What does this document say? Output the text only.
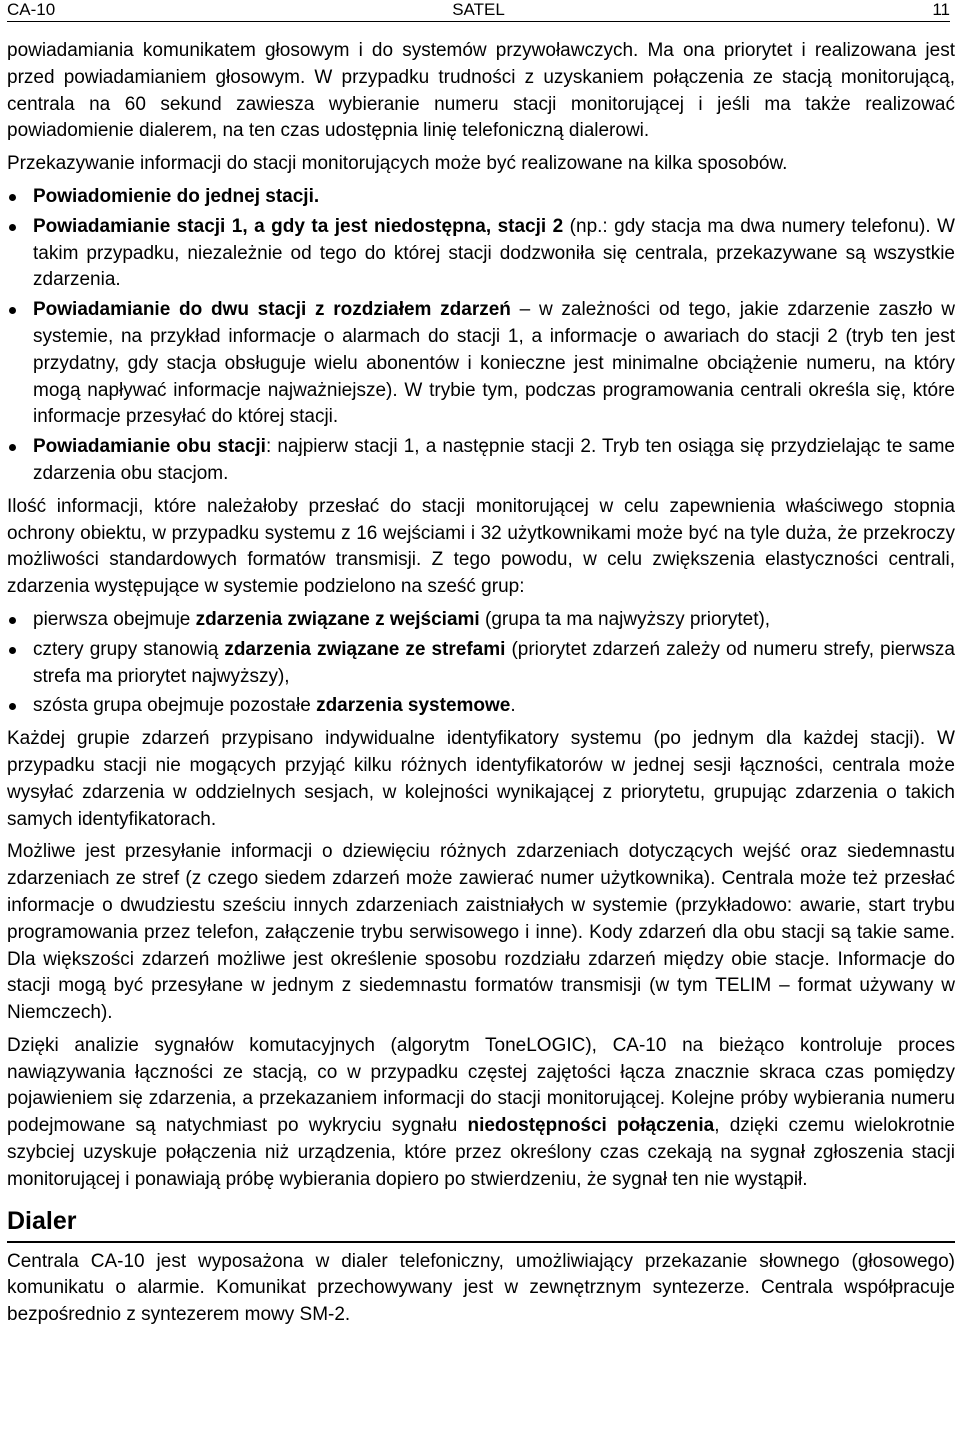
CA-10	SATEL	11

powiadamiania komunikatem głosowym i do systemów przywoławczych. Ma ona priorytet i realizowana jest przed powiadamianiem głosowym. W przypadku trudności z uzyskaniem połączenia ze stacją monitorującą, centrala na 60 sekund zawiesza wybieranie numeru stacji monitorującej i jeśli ma także realizować powiadomienie dialerem, na ten czas udostępnia linię telefoniczną dialerowi.

Przekazywanie informacji do stacji monitorujących może być realizowane na kilka sposobów.

Powiadomienie do jednej stacji.
Powiadamianie stacji 1, a gdy ta jest niedostępna, stacji 2 (np.: gdy stacja ma dwa numery telefonu). W takim przypadku, niezależnie od tego do której stacji dodzwoniła się centrala, przekazywane są wszystkie zdarzenia.
Powiadamianie do dwu stacji z rozdziałem zdarzeń – w zależności od tego, jakie zdarzenie zaszło w systemie, na przykład informacje o alarmach do stacji 1, a informacje o awariach do stacji 2 (tryb ten jest przydatny, gdy stacja obsługuje wielu abonentów i konieczne jest minimalne obciążenie numeru, na który mogą napływać informacje najważniejsze). W trybie tym, podczas programowania centrali określa się, które informacje przesyłać do której stacji.
Powiadamianie obu stacji: najpierw stacji 1, a następnie stacji 2. Tryb ten osiąga się przydzielając te same zdarzenia obu stacjom.

Ilość informacji, które należałoby przesłać do stacji monitorującej w celu zapewnienia właściwego stopnia ochrony obiektu, w przypadku systemu z 16 wejściami i 32 użytkownikami może być na tyle duża, że przekroczy możliwości standardowych formatów transmisji. Z tego powodu, w celu zwiększenia elastyczności centrali, zdarzenia występujące w systemie podzielono na sześć grup:

pierwsza obejmuje zdarzenia związane z wejściami (grupa ta ma najwyższy priorytet),
cztery grupy stanowią zdarzenia związane ze strefami (priorytet zdarzeń zależy od numeru strefy, pierwsza strefa ma priorytet najwyższy),
szósta grupa obejmuje pozostałe zdarzenia systemowe.

Każdej grupie zdarzeń przypisano indywidualne identyfikatory systemu (po jednym dla każdej stacji). W przypadku stacji nie mogących przyjąć kilku różnych identyfikatorów w jednej sesji łączności, centrala może wysyłać zdarzenia w oddzielnych sesjach, w kolejności wynikającej z priorytetu, grupując zdarzenia o takich samych identyfikatorach.

Możliwe jest przesyłanie informacji o dziewięciu różnych zdarzeniach dotyczących wejść oraz siedemnastu zdarzeniach ze stref (z czego siedem zdarzeń może zawierać numer użytkownika). Centrala może też przesłać informacje o dwudziestu sześciu innych zdarzeniach zaistniałych w systemie (przykładowo: awarie, start trybu programowania przez telefon, załączenie trybu serwisowego i inne). Kody zdarzeń dla obu stacji są takie same. Dla większości zdarzeń możliwe jest określenie sposobu rozdziału zdarzeń między obie stacje. Informacje do stacji mogą być przesyłane w jednym z siedemnastu formatów transmisji (w tym TELIM – format używany w Niemczech).

Dzięki analizie sygnałów komutacyjnych (algorytm ToneLOGIC), CA-10 na bieżąco kontroluje proces nawiązywania łączności ze stacją, co w przypadku częstej zajętości łącza znacznie skraca czas pomiędzy pojawieniem się zdarzenia, a przekazaniem informacji do stacji monitorującej. Kolejne próby wybierania numeru podejmowane są natychmiast po wykryciu sygnału niedostępności połączenia, dzięki czemu wielokrotnie szybciej uzyskuje połączenia niż urządzenia, które przez określony czas czekają na sygnał zgłoszenia stacji monitorującej i ponawiają próbę wybierania dopiero po stwierdzeniu, że sygnał ten nie wystąpił.

Dialer

Centrala CA-10 jest wyposażona w dialer telefoniczny, umożliwiający przekazanie słownego (głosowego) komunikatu o alarmie. Komunikat przechowywany jest w zewnętrznym syntezerze. Centrala współpracuje bezpośrednio z syntezerem mowy SM-2.
